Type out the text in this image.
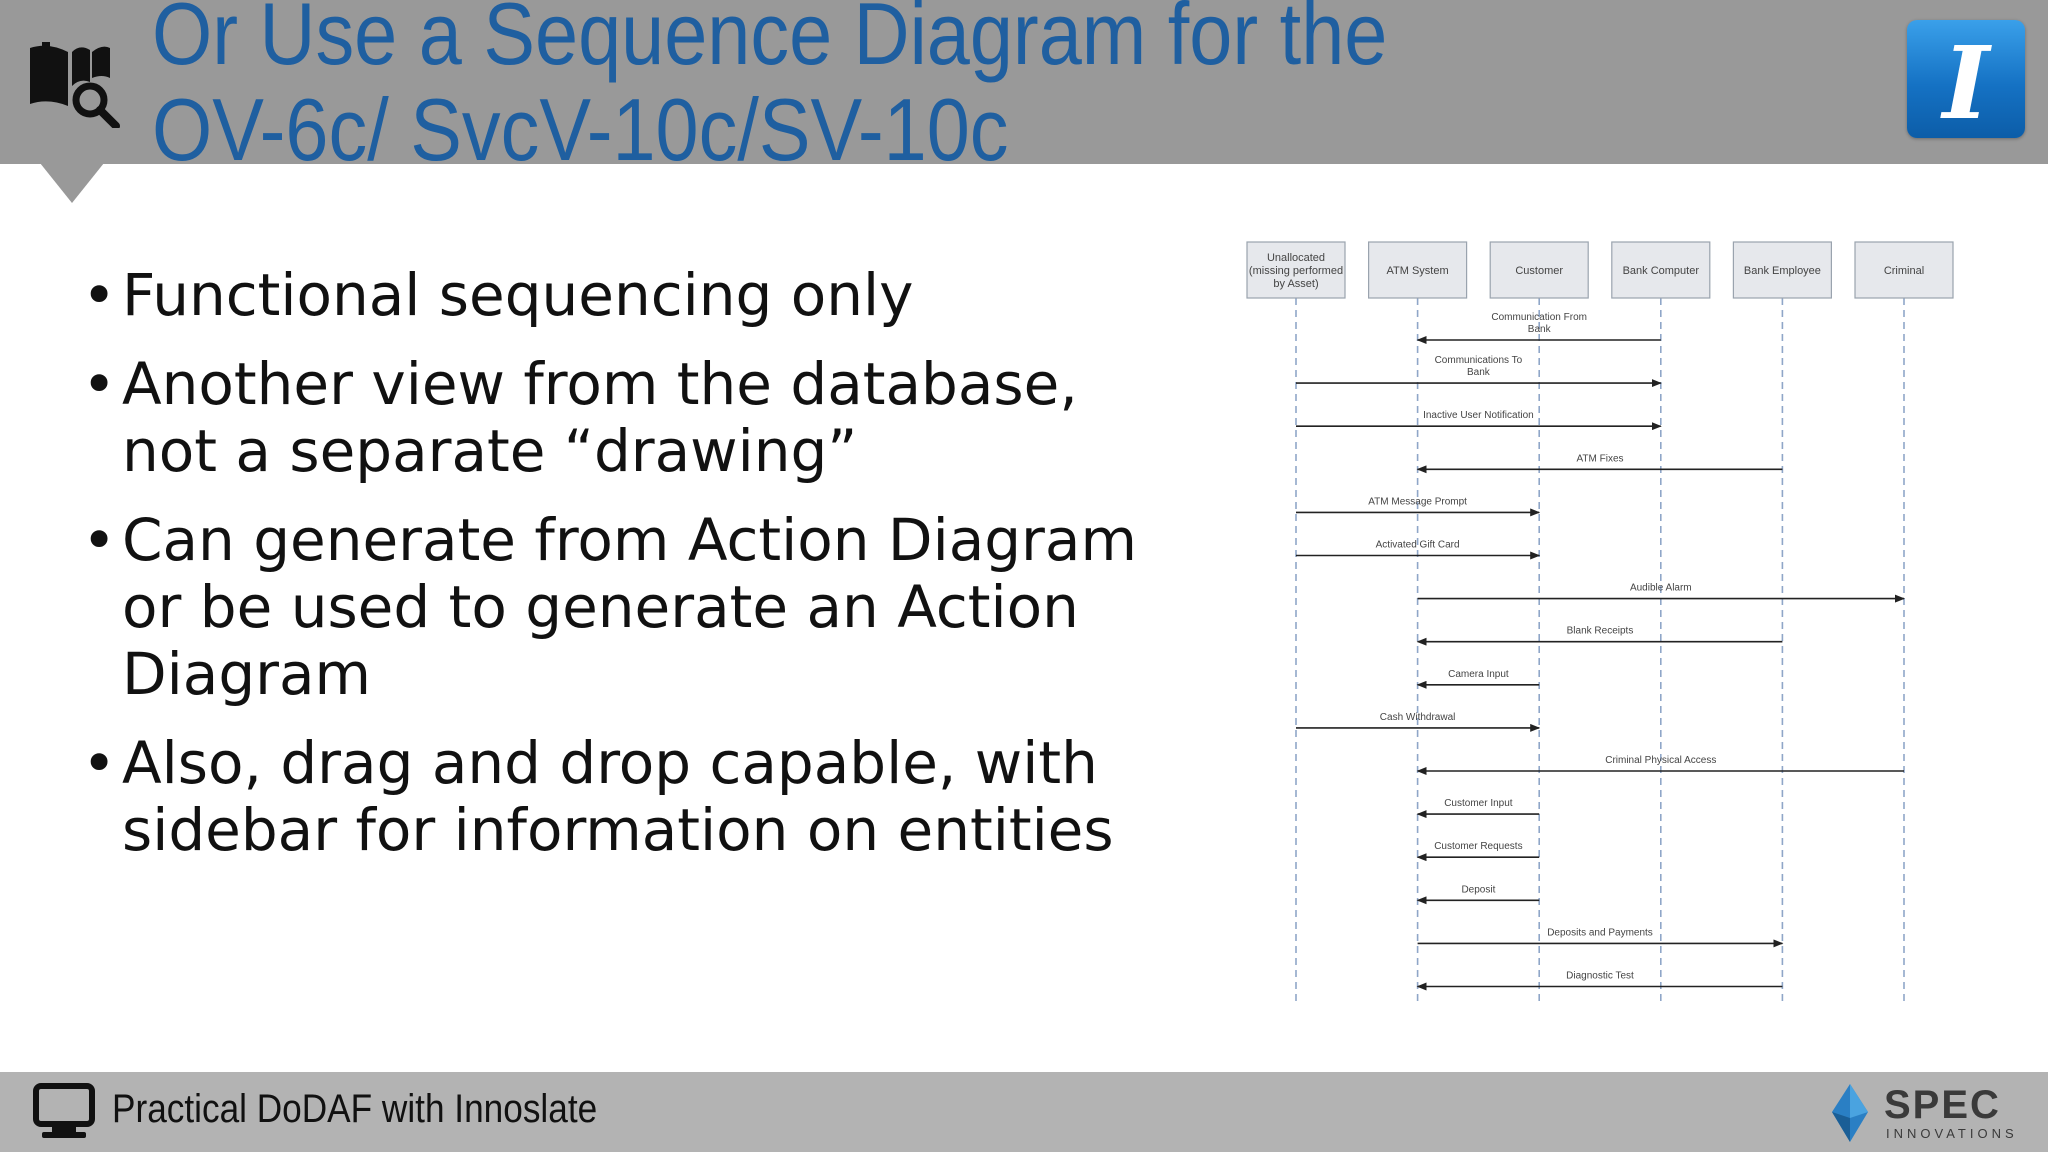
Or Use a Sequence Diagram for the
OV-6c/ SvcV-10c/SV-10c	I
• Functional sequencing only
• Another view from the database,
not a separate “drawing”
• Can generate from Action Diagram
or be used to generate an Action
Diagram
• Also, drag and drop capable, with
sidebar for information on entities
Unallocated
(missing performed
by Asset)
ATM System	Customer	Bank Computer	Bank Employee	Criminal
Communication From
Bank
Communications To
Bank
Inactive User Notification
ATM Fixes
ATM Message Prompt
Activated Gift Card
Audible Alarm
Blank Receipts
Camera Input
Cash Withdrawal
Criminal Physical Access
Customer Input
Customer Requests
Deposit
Deposits and Payments
Diagnostic Test
Practical DoDAF with Innoslate	SPEC
INNOVATIONS
